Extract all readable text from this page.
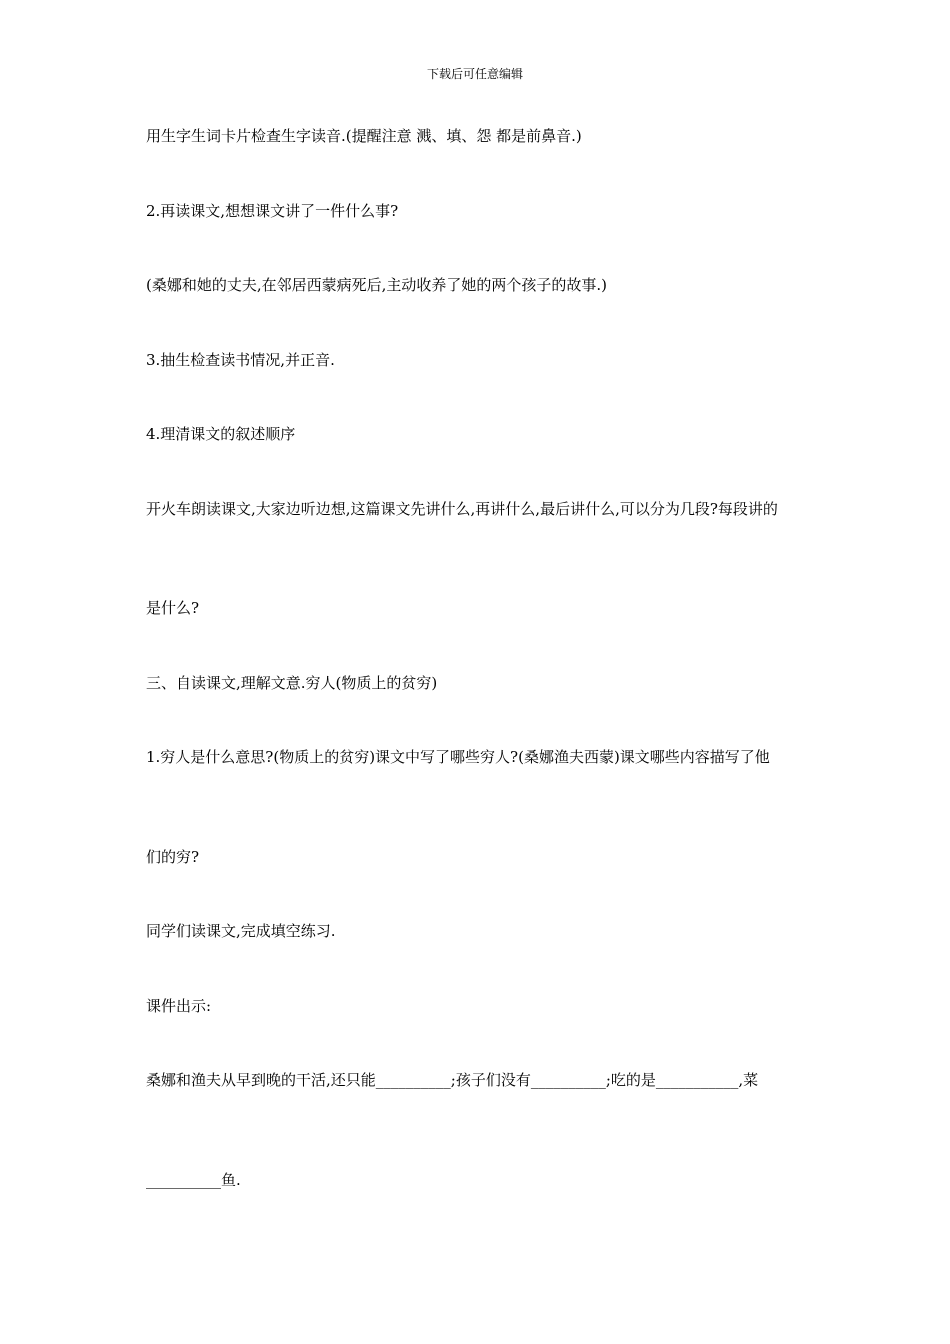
下载后可任意编辑
用生字生词卡片检查生字读音.(提醒注意 溅、填、怨 都是前鼻音.)
2.再读课文,想想课文讲了一件什么事?
(桑娜和她的丈夫,在邻居西蒙病死后,主动收养了她的两个孩子的故事.)
3.抽生检查读书情况,并正音.
4.理清课文的叙述顺序
开火车朗读课文,大家边听边想,这篇课文先讲什么,再讲什么,最后讲什么,可以分为几段?每段讲的
是什么?
三、自读课文,理解文意.穷人(物质上的贫穷)
1.穷人是什么意思?(物质上的贫穷)课文中写了哪些穷人?(桑娜渔夫西蒙)课文哪些内容描写了他
们的穷?
同学们读课文,完成填空练习.
课件出示:
桑娜和渔夫从早到晚的干活,还只能__________;孩子们没有__________;吃的是___________,菜
__________鱼.
